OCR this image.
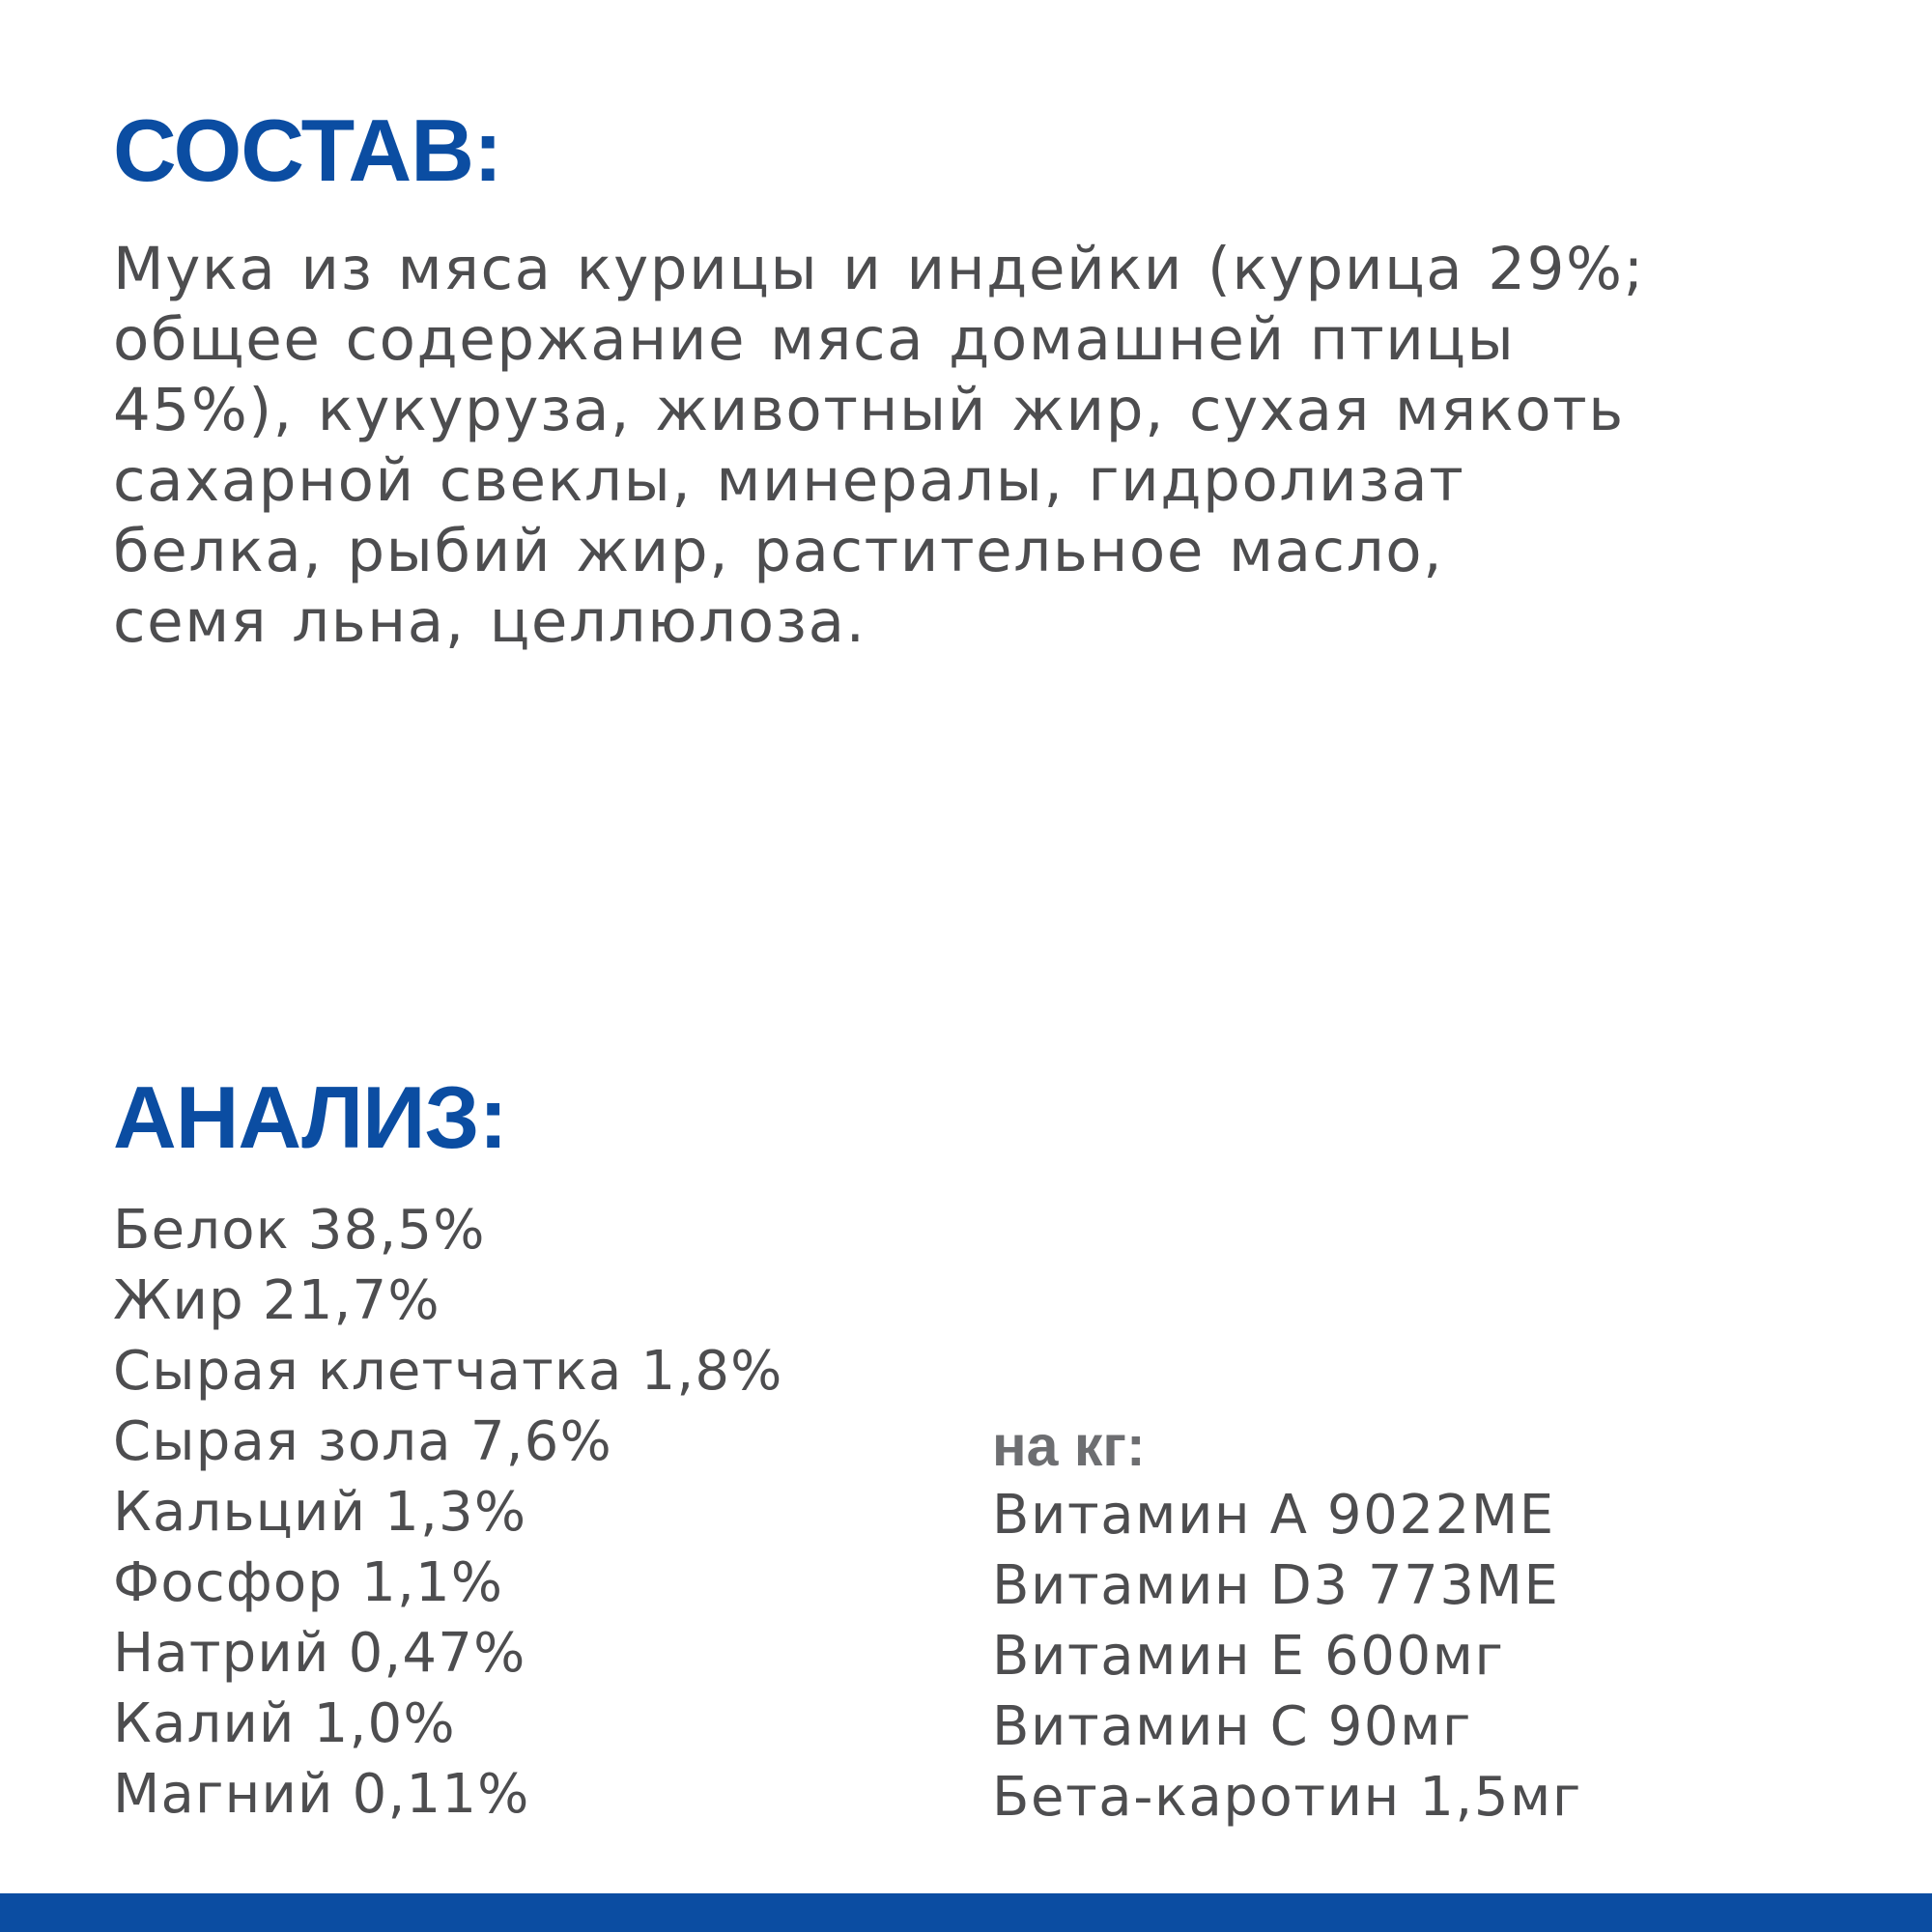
СОСТАВ:

Мука из мяса курицы и индейки (курица 29%;
общее содержание мяса домашней птицы
45%), кукуруза, животный жир, сухая мякоть
сахарной свеклы, минералы, гидролизат
белка, рыбий жир, растительное масло,
семя льна, целлюлоза.

АНАЛИЗ:
Белок 38,5%
Жир 21,7%
Сырая клетчатка 1,8%
Сырая зола 7,6%
Кальций 1,3%
Фосфор 1,1%
Натрий 0,47%
Калий 1,0%
Магний 0,11%
на кг:
Витамин А 9022МЕ
Витамин D3 773МЕ
Витамин Е 600мг
Витамин С 90мг
Бета-каротин 1,5мг
